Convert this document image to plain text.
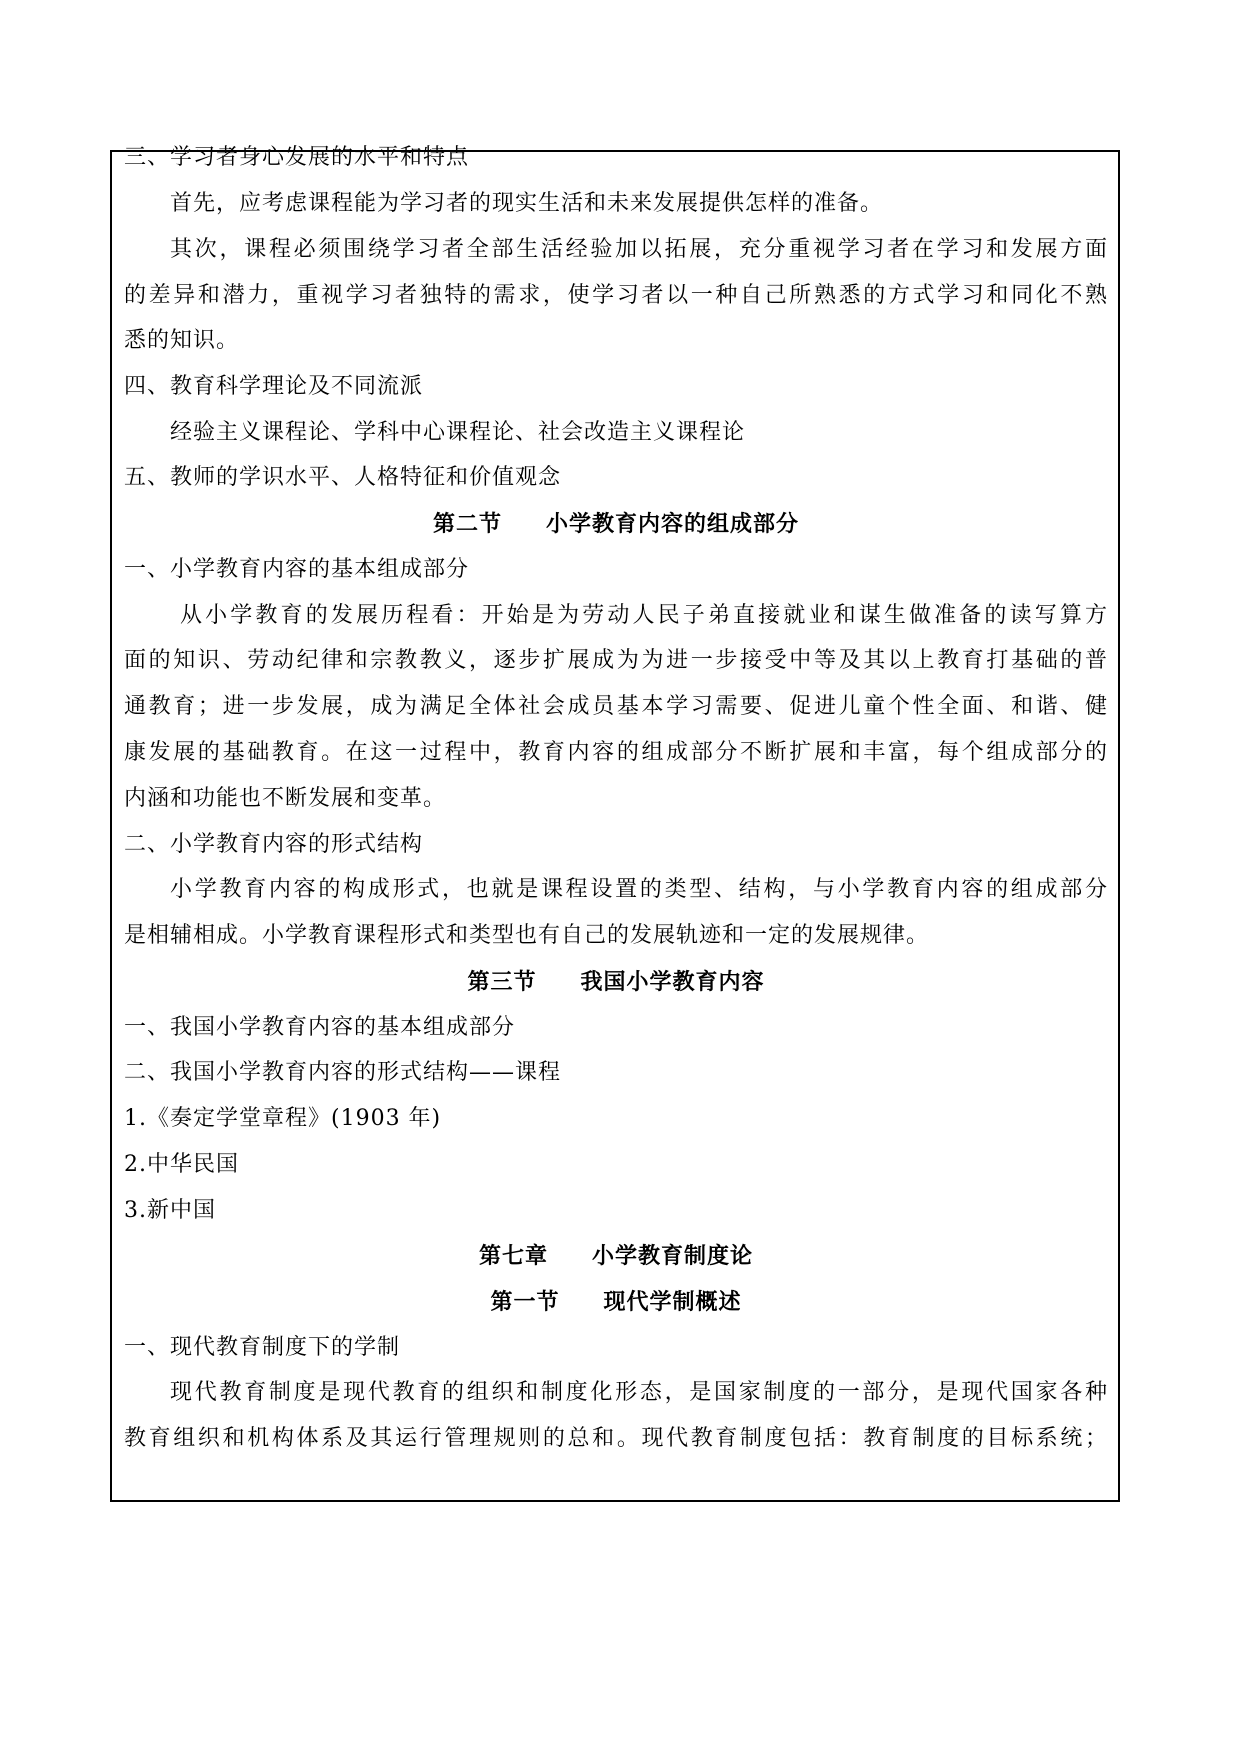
三、学习者身心发展的水平和特点
首先，应考虑课程能为学习者的现实生活和未来发展提供怎样的准备。
其次，课程必须围绕学习者全部生活经验加以拓展，充分重视学习者在学习和发展方面
的差异和潜力，重视学习者独特的需求，使学习者以一种自己所熟悉的方式学习和同化不熟
悉的知识。
四、教育科学理论及不同流派
经验主义课程论、学科中心课程论、社会改造主义课程论
五、教师的学识水平、人格特征和价值观念
第二节 小学教育内容的组成部分
一、小学教育内容的基本组成部分
从小学教育的发展历程看：开始是为劳动人民子弟直接就业和谋生做准备的读写算方
面的知识、劳动纪律和宗教教义，逐步扩展成为为进一步接受中等及其以上教育打基础的普
通教育；进一步发展，成为满足全体社会成员基本学习需要、促进儿童个性全面、和谐、健
康发展的基础教育。在这一过程中，教育内容的组成部分不断扩展和丰富，每个组成部分的
内涵和功能也不断发展和变革。
二、小学教育内容的形式结构
小学教育内容的构成形式，也就是课程设置的类型、结构，与小学教育内容的组成部分
是相辅相成。小学教育课程形式和类型也有自己的发展轨迹和一定的发展规律。
第三节 我国小学教育内容
一、我国小学教育内容的基本组成部分
二、我国小学教育内容的形式结构——课程
1.《奏定学堂章程》(1903 年)
2.中华民国
3.新中国
第七章 小学教育制度论
第一节 现代学制概述
一、现代教育制度下的学制
现代教育制度是现代教育的组织和制度化形态，是国家制度的一部分，是现代国家各种
教育组织和机构体系及其运行管理规则的总和。现代教育制度包括：教育制度的目标系统；
